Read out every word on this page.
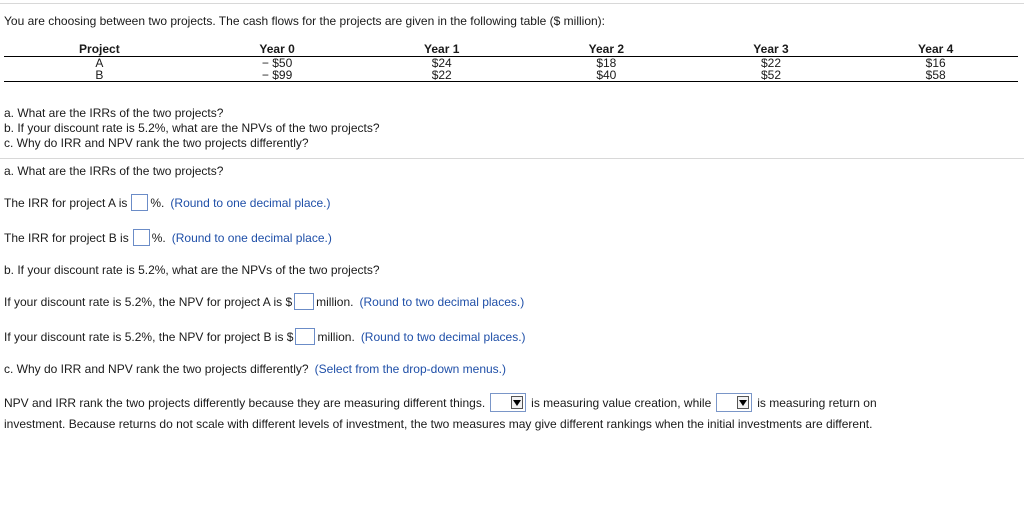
You are choosing between two projects. The cash flows for the projects are given in the following table ($ million):
Project	Year 0	Year 1	Year 2	Year 3	Year 4
A	− $50	$24	$18	$22	$16
B	− $99	$22	$40	$52	$58
a. What are the IRRs of the two projects?
b. If your discount rate is 5.2%, what are the NPVs of the two projects?
c. Why do IRR and NPV rank the two projects differently?
a. What are the IRRs of the two projects?
The IRR for project A is %. (Round to one decimal place.)
The IRR for project B is %. (Round to one decimal place.)
b. If your discount rate is 5.2%, what are the NPVs of the two projects?
If your discount rate is 5.2%, the NPV for project A is $ million. (Round to two decimal places.)
If your discount rate is 5.2%, the NPV for project B is $ million. (Round to two decimal places.)
c. Why do IRR and NPV rank the two projects differently? (Select from the drop-down menus.)
NPV and IRR rank the two projects differently because they are measuring different things.	is measuring value creation, while	is measuring return on
investment. Because returns do not scale with different levels of investment, the two measures may give different rankings when the initial investments are different.
